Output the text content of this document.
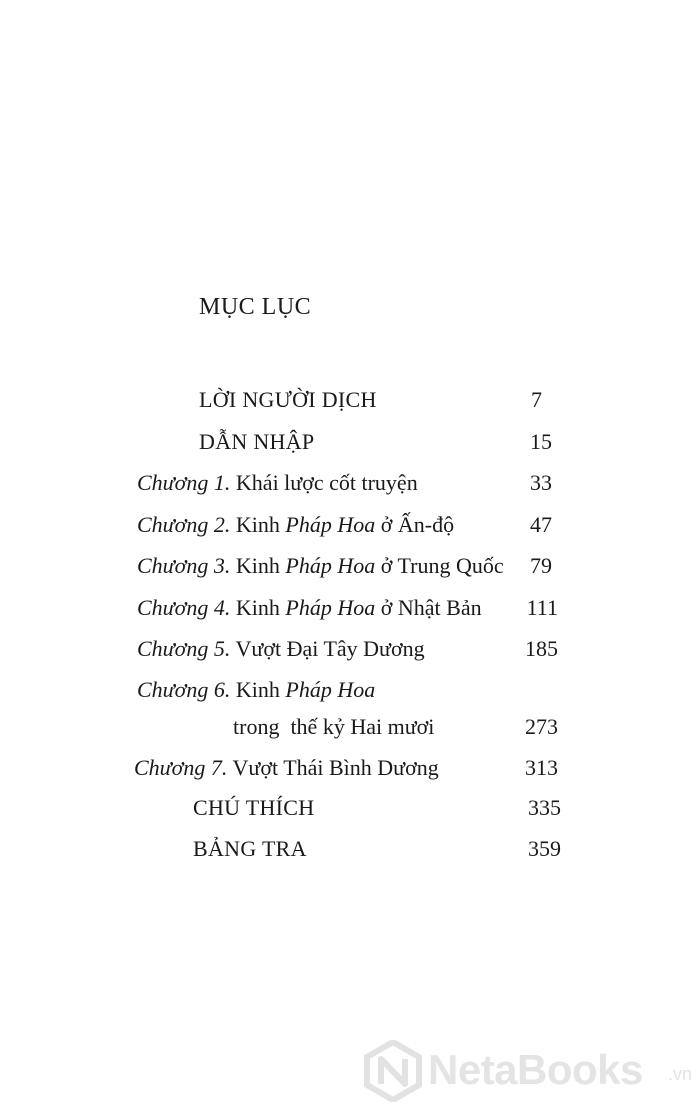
MỤC LỤC
LỜI NGƯỜI DỊCH	7
DẪN NHẬP	15
Chương 1. Khái lược cốt truyện	33
Chương 2. Kinh Pháp Hoa ở Ấn-độ	47
Chương 3. Kinh Pháp Hoa ở Trung Quốc 79
Chương 4. Kinh Pháp Hoa ở Nhật Bản 111
Chương 5. Vượt Đại Tây Dương	185
Chương 6. Kinh Pháp Hoa
trong  thế kỷ Hai mươi	273
Chương 7. Vượt Thái Bình Dương	313
CHÚ THÍCH	335
BẢNG TRA	359
NetaBooks .vn
